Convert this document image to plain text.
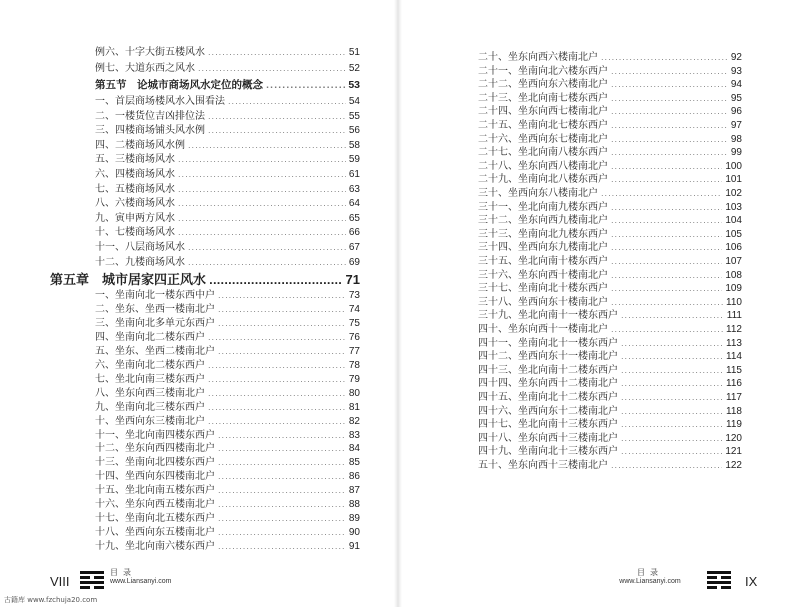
例六、十字大街五楼风水 .....	51
例七、大道东西之风水 .....	52
第五节　论城市商场风水定位的概念 .....	53
一、首层商场楼风水入围看法 .....	54
二、一楼货位吉凶排位法 .....	55
三、四楼商场铺头风水例 .....	56
四、二楼商场风水例 .....	58
五、三楼商场风水 .....	59
六、四楼商场风水 .....	61
七、五楼商场风水 .....	63
八、六楼商场风水 .....	64
九、寅申两方风水 .....	65
十、七楼商场风水 .....	66
十一、八层商场风水 .....	67
十二、九楼商场风水 .....	69
第五章　城市居家四正风水 .....	71
一、坐南向北一楼东西中户 .....	73
二、坐东、坐西一楼南北户 .....	74
三、坐南向北多单元东西户 .....	75
四、坐南向北二楼东西户 .....	76
五、坐东、坐西二楼南北户 .....	77
六、坐南向北二楼东西户 .....	78
七、坐北向南三楼东西户 .....	79
八、坐东向西三楼南北户 .....	80
九、坐南向北三楼东西户 .....	81
十、坐西向东三楼南北户 .....	82
十一、坐北向南四楼东西户 .....	83
十二、坐东向西四楼南北户 .....	84
十三、坐南向北四楼东西户 .....	85
十四、坐西向东四楼南北户 .....	86
十五、坐北向南五楼东西户 .....	87
十六、坐东向西五楼南北户 .....	88
十七、坐南向北五楼东西户 .....	89
十八、坐西向东五楼南北户 .....	90
十九、坐北向南六楼东西户 .....	91
VIII
目录
www.Liansanyi.com
二十、坐东向西六楼南北户 .....	92
二十一、坐南向北六楼东西户 .....	93
二十二、坐西向东六楼南北户 .....	94
二十三、坐北向南七楼东西户 .....	95
二十四、坐东向西七楼南北户 .....	96
二十五、坐南向北七楼东西户 .....	97
二十六、坐西向东七楼南北户 .....	98
二十七、坐北向南八楼东西户 .....	99
二十八、坐东向西八楼南北户 .....	100
二十九、坐南向北八楼东西户 .....	101
三十、坐西向东八楼南北户 .....	102
三十一、坐北向南九楼东西户 .....	103
三十二、坐东向西九楼南北户 .....	104
三十三、坐南向北九楼东西户 .....	105
三十四、坐西向东九楼南北户 .....	106
三十五、坐北向南十楼东西户 .....	107
三十六、坐东向西十楼南北户 .....	108
三十七、坐南向北十楼东西户 .....	109
三十八、坐西向东十楼南北户 .....	110
三十九、坐北向南十一楼东西户 .....	111
四十、坐东向西十一楼南北户 .....	112
四十一、坐南向北十一楼东西户 .....	113
四十二、坐西向东十一楼南北户 .....	114
四十三、坐北向南十二楼东西户 .....	115
四十四、坐东向西十二楼南北户 .....	116
四十五、坐南向北十二楼东西户 .....	117
四十六、坐西向东十二楼南北户 .....	118
四十七、坐北向南十三楼东西户 .....	119
四十八、坐东向西十三楼南北户 .....	120
四十九、坐南向北十三楼东西户 .....	121
五十、坐东向西十三楼南北户 .....	122
目录
www.Liansanyi.com	IX
古籍库 www.fzchuja20.com
